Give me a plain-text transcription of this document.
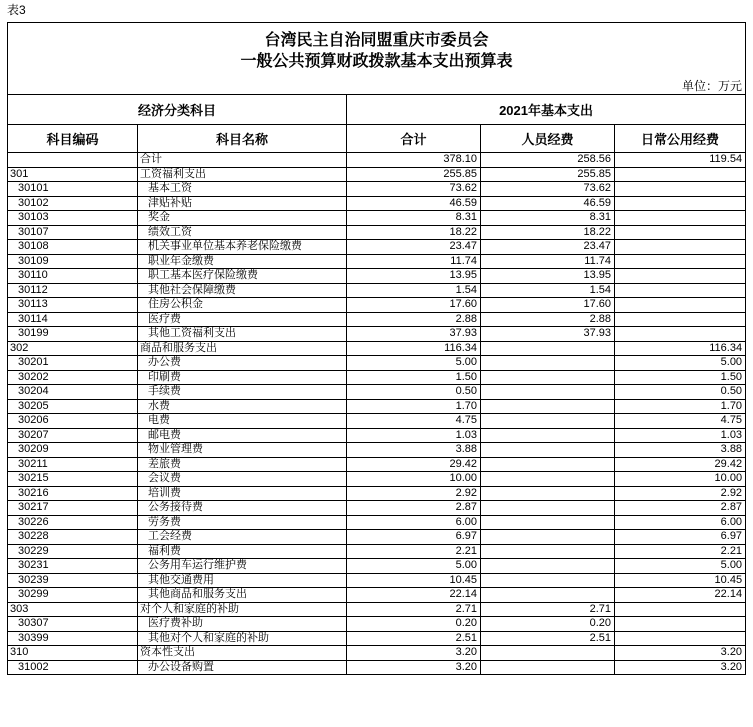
表3
台湾民主自治同盟重庆市委员会
一般公共预算财政拨款基本支出预算表
单位：万元				

经济分类科目		2021年基本支出		
科目编码	科目名称	合计	人员经费	日常公用经费
	合计	378.10	258.56	119.54
301	工资福利支出	255.85	255.85	
30101	基本工资	73.62	73.62	
30102	津贴补贴	46.59	46.59	
30103	奖金	8.31	8.31	
30107	绩效工资	18.22	18.22	
30108	机关事业单位基本养老保险缴费	23.47	23.47	
30109	职业年金缴费	11.74	11.74	
30110	职工基本医疗保险缴费	13.95	13.95	
30112	其他社会保障缴费	1.54	1.54	
30113	住房公积金	17.60	17.60	
30114	医疗费	2.88	2.88	
30199	其他工资福利支出	37.93	37.93	
302	商品和服务支出	116.34		116.34
30201	办公费	5.00		5.00
30202	印刷费	1.50		1.50
30204	手续费	0.50		0.50
30205	水费	1.70		1.70
30206	电费	4.75		4.75
30207	邮电费	1.03		1.03
30209	物业管理费	3.88		3.88
30211	差旅费	29.42		29.42
30215	会议费	10.00		10.00
30216	培训费	2.92		2.92
30217	公务接待费	2.87		2.87
30226	劳务费	6.00		6.00
30228	工会经费	6.97		6.97
30229	福利费	2.21		2.21
30231	公务用车运行维护费	5.00		5.00
30239	其他交通费用	10.45		10.45
30299	其他商品和服务支出	22.14		22.14
303	对个人和家庭的补助	2.71	2.71	
30307	医疗费补助	0.20	0.20	
30399	其他对个人和家庭的补助	2.51	2.51	
310	资本性支出	3.20		3.20
31002	办公设备购置	3.20		3.20
